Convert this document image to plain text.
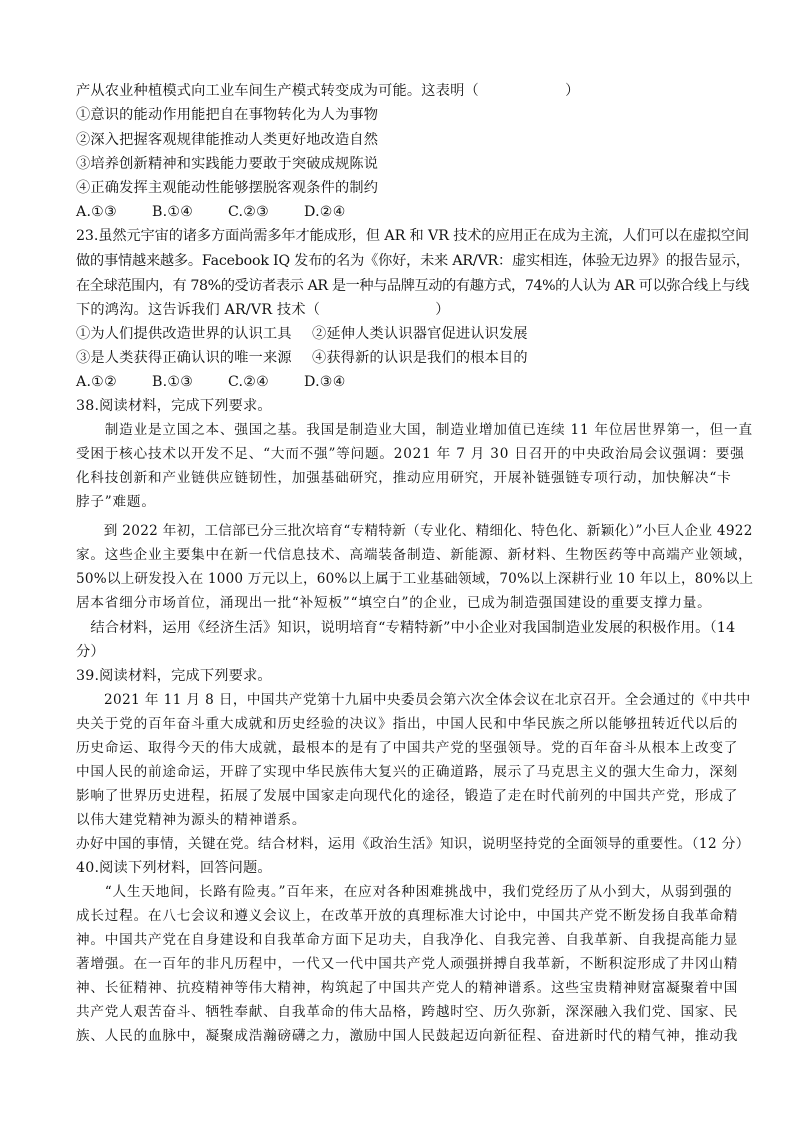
产从农业种植模式向工业车间生产模式转变成为可能。这表明（　　　　　　）
①意识的能动作用能把自在事物转化为人为事物
②深入把握客观规律能推动人类更好地改造自然
③培养创新精神和实践能力要敢于突破成规陈说
④正确发挥主观能动性能够摆脱客观条件的制约
A.①③ B.①④ C.②③ D.②④
23.虽然元宇宙的诸多方面尚需多年才能成形，但 AR 和 VR 技术的应用正在成为主流，人们可以在虚拟空间
做的事情越来越多。Facebook IQ 发布的名为《你好，未来 AR/VR：虚实相连，体验无边界》的报告显示，
在全球范围内，有 78%的受访者表示 AR 是一种与品牌互动的有趣方式，74%的人认为 AR 可以弥合线上与线
下的鸿沟。这告诉我们 AR/VR 技术（　　　　　　　　）
①为人们提供改造世界的认识工具 ②延伸人类认识器官促进认识发展
③是人类获得正确认识的唯一来源 ④获得新的认识是我们的根本目的
A.①② B.①③ C.②④ D.③④
38.阅读材料，完成下列要求。
　　制造业是立国之本、强国之基。我国是制造业大国，制造业增加值已连续 11 年位居世界第一，但一直
受困于核心技术以开发不足、“大而不强”等问题。2021 年 7 月 30 日召开的中央政治局会议强调：要强
化科技创新和产业链供应链韧性，加强基础研究，推动应用研究，开展补链强链专项行动，加快解决“卡
脖子”难题。
　　到 2022 年初，工信部已分三批次培育“专精特新（专业化、精细化、特色化、新颖化）”小巨人企业 4922
家。这些企业主要集中在新一代信息技术、高端装备制造、新能源、新材料、生物医药等中高端产业领域，
50%以上研发投入在 1000 万元以上，60%以上属于工业基础领域，70%以上深耕行业 10 年以上，80%以上
居本省细分市场首位，涌现出一批“补短板”“填空白”的企业，已成为制造强国建设的重要支撑力量。
　结合材料，运用《经济生活》知识，说明培育“专精特新”中小企业对我国制造业发展的积极作用。（14
分）
39.阅读材料，完成下列要求。
　　2021 年 11 月 8 日，中国共产党第十九届中央委员会第六次全体会议在北京召开。全会通过的《中共中
央关于党的百年奋斗重大成就和历史经验的决议》指出，中国人民和中华民族之所以能够扭转近代以后的
历史命运、取得今天的伟大成就，最根本的是有了中国共产党的坚强领导。党的百年奋斗从根本上改变了
中国人民的前途命运，开辟了实现中华民族伟大复兴的正确道路，展示了马克思主义的强大生命力，深刻
影响了世界历史进程，拓展了发展中国家走向现代化的途径，锻造了走在时代前列的中国共产党，形成了
以伟大建党精神为源头的精神谱系。
办好中国的事情，关键在党。结合材料，运用《政治生活》知识，说明坚持党的全面领导的重要性。（12 分）
40.阅读下列材料，回答问题。
　　“人生天地间，长路有险夷。”百年来，在应对各种困难挑战中，我们党经历了从小到大，从弱到强的
成长过程。在八七会议和遵义会议上，在改革开放的真理标准大讨论中，中国共产党不断发扬自我革命精
神。中国共产党在自身建设和自我革命方面下足功夫，自我净化、自我完善、自我革新、自我提高能力显
著增强。在一百年的非凡历程中，一代又一代中国共产党人顽强拼搏自我革新，不断积淀形成了井冈山精
神、长征精神、抗疫精神等伟大精神，构筑起了中国共产党人的精神谱系。这些宝贵精神财富凝聚着中国
共产党人艰苦奋斗、牺牲奉献、自我革命的伟大品格，跨越时空、历久弥新，深深融入我们党、国家、民
族、人民的血脉中，凝聚成浩瀚磅礴之力，激励中国人民鼓起迈向新征程、奋进新时代的精气神，推动我
